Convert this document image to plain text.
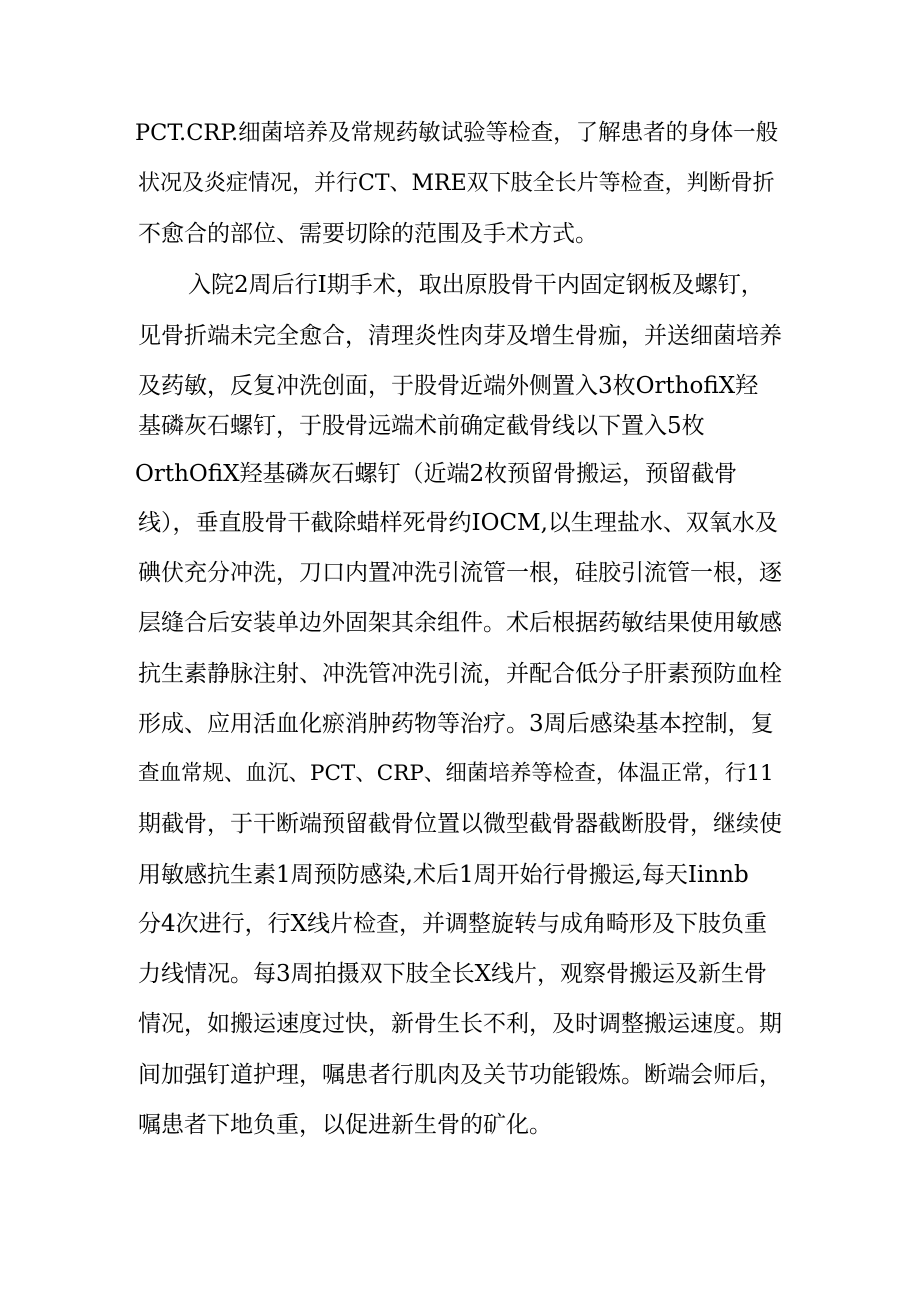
PCT.CRP.细菌培养及常规药敏试验等检查，了解患者的身体一般
状况及炎症情况，并行CT、MRE双下肢全长片等检查，判断骨折
不愈合的部位、需要切除的范围及手术方式。
入院2周后行I期手术，取出原股骨干内固定钢板及螺钉，
见骨折端未完全愈合，清理炎性肉芽及增生骨痂，并送细菌培养
及药敏，反复冲洗创面，于股骨近端外侧置入3枚OrthofiX羟
基磷灰石螺钉，于股骨远端术前确定截骨线以下置入5枚
OrthOfiX羟基磷灰石螺钉（近端2枚预留骨搬运，预留截骨
线），垂直股骨干截除蜡样死骨约IOCM,以生理盐水、双氧水及
碘伏充分冲洗，刀口内置冲洗引流管一根，硅胶引流管一根，逐
层缝合后安装单边外固架其余组件。术后根据药敏结果使用敏感
抗生素静脉注射、冲洗管冲洗引流，并配合低分子肝素预防血栓
形成、应用活血化瘀消肿药物等治疗。3周后感染基本控制，复
查血常规、血沉、PCT、CRP、细菌培养等检查，体温正常，行11
期截骨，于干断端预留截骨位置以微型截骨器截断股骨，继续使
用敏感抗生素1周预防感染,术后1周开始行骨搬运,每天Iinnb
分4次进行，行X线片检查，并调整旋转与成角畸形及下肢负重
力线情况。每3周拍摄双下肢全长X线片，观察骨搬运及新生骨
情况，如搬运速度过快，新骨生长不利，及时调整搬运速度。期
间加强钉道护理，嘱患者行肌肉及关节功能锻炼。断端会师后，
嘱患者下地负重，以促进新生骨的矿化。
